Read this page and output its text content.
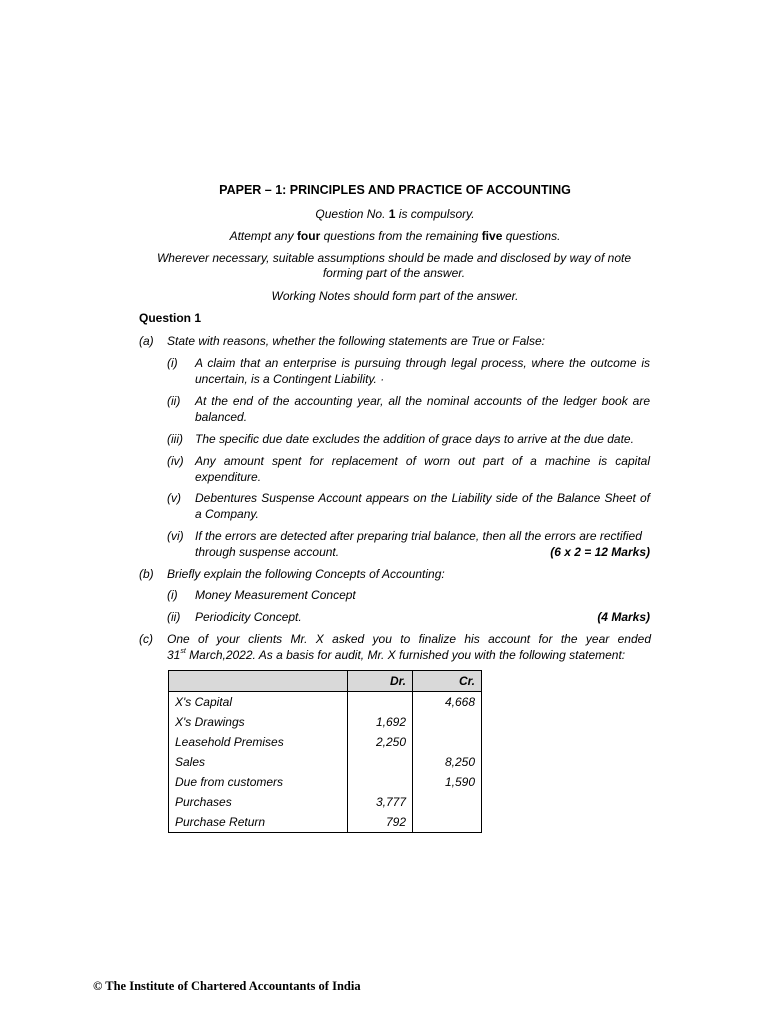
PAPER – 1: PRINCIPLES AND PRACTICE OF ACCOUNTING
Question No. 1 is compulsory.
Attempt any four questions from the remaining five questions.
Wherever necessary, suitable assumptions should be made and disclosed by way of note forming part of the answer.
Working Notes should form part of the answer.
Question 1
(a) State with reasons, whether the following statements are True or False:
(i) A claim that an enterprise is pursuing through legal process, where the outcome is uncertain, is a Contingent Liability. ·
(ii) At the end of the accounting year, all the nominal accounts of the ledger book are balanced.
(iii) The specific due date excludes the addition of grace days to arrive at the due date.
(iv) Any amount spent for replacement of worn out part of a machine is capital expenditure.
(v) Debentures Suspense Account appears on the Liability side of the Balance Sheet of a Company.
(vi) If the errors are detected after preparing trial balance, then all the errors are rectified through suspense account.	(6 x 2 = 12 Marks)
(b) Briefly explain the following Concepts of Accounting:
(i) Money Measurement Concept
(ii) Periodicity Concept.	(4 Marks)
(c) One of your clients Mr. X asked you to finalize his account for the year ended
31st March,2022. As a basis for audit, Mr. X furnished you with the following statement:
	Dr.	Cr.
X's Capital		4,668
X's Drawings	1,692	
Leasehold Premises	2,250	
Sales		8,250
Due from customers		1,590
Purchases	3,777	
Purchase Return	792	
© The Institute of Chartered Accountants of India
